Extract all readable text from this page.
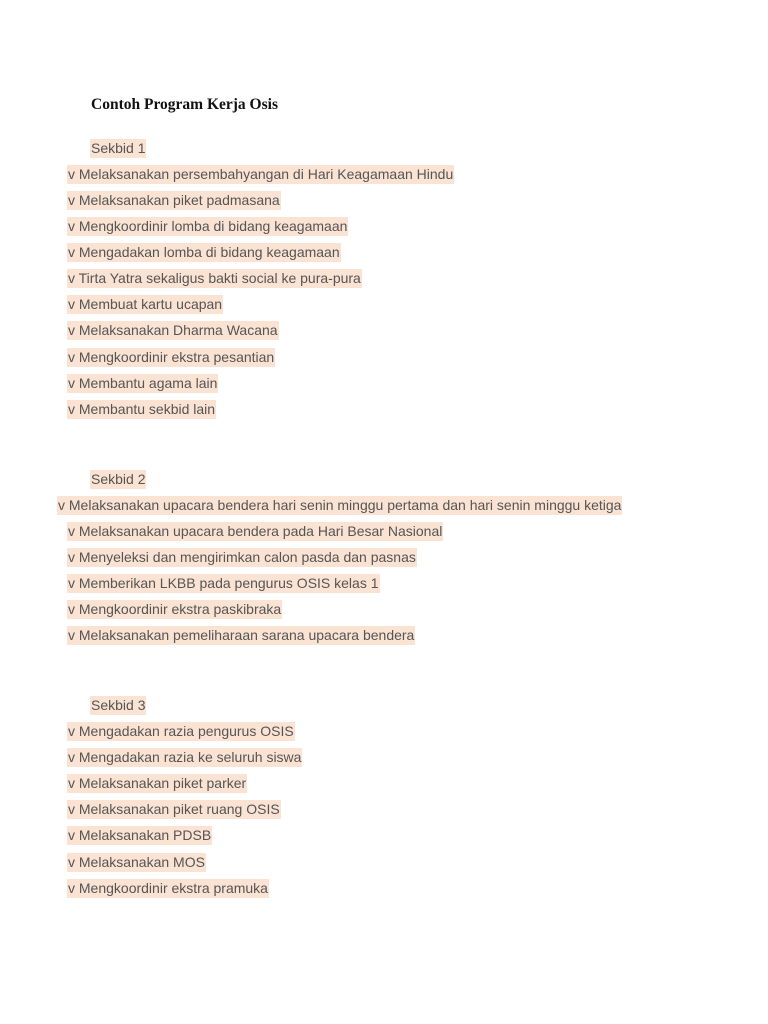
Contoh Program Kerja Osis
Sekbid 1
v Melaksanakan persembahyangan di Hari Keagamaan Hindu
v Melaksanakan piket padmasana
v Mengkoordinir lomba di bidang keagamaan
v Mengadakan lomba di bidang keagamaan
v Tirta Yatra sekaligus bakti social ke pura-pura
v Membuat kartu ucapan
v Melaksanakan Dharma Wacana
v Mengkoordinir ekstra pesantian
v Membantu agama lain
v Membantu sekbid lain
Sekbid 2
v Melaksanakan upacara bendera hari senin minggu pertama dan hari senin minggu ketiga
v Melaksanakan upacara bendera pada Hari Besar Nasional
v Menyeleksi dan mengirimkan calon pasda dan pasnas
v Memberikan LKBB pada pengurus OSIS kelas 1
v Mengkoordinir ekstra paskibraka
v Melaksanakan pemeliharaan sarana upacara bendera
Sekbid 3
v Mengadakan razia pengurus OSIS
v Mengadakan razia ke seluruh siswa
v Melaksanakan piket parker
v Melaksanakan piket ruang OSIS
v Melaksanakan PDSB
v Melaksanakan MOS
v Mengkoordinir ekstra pramuka
